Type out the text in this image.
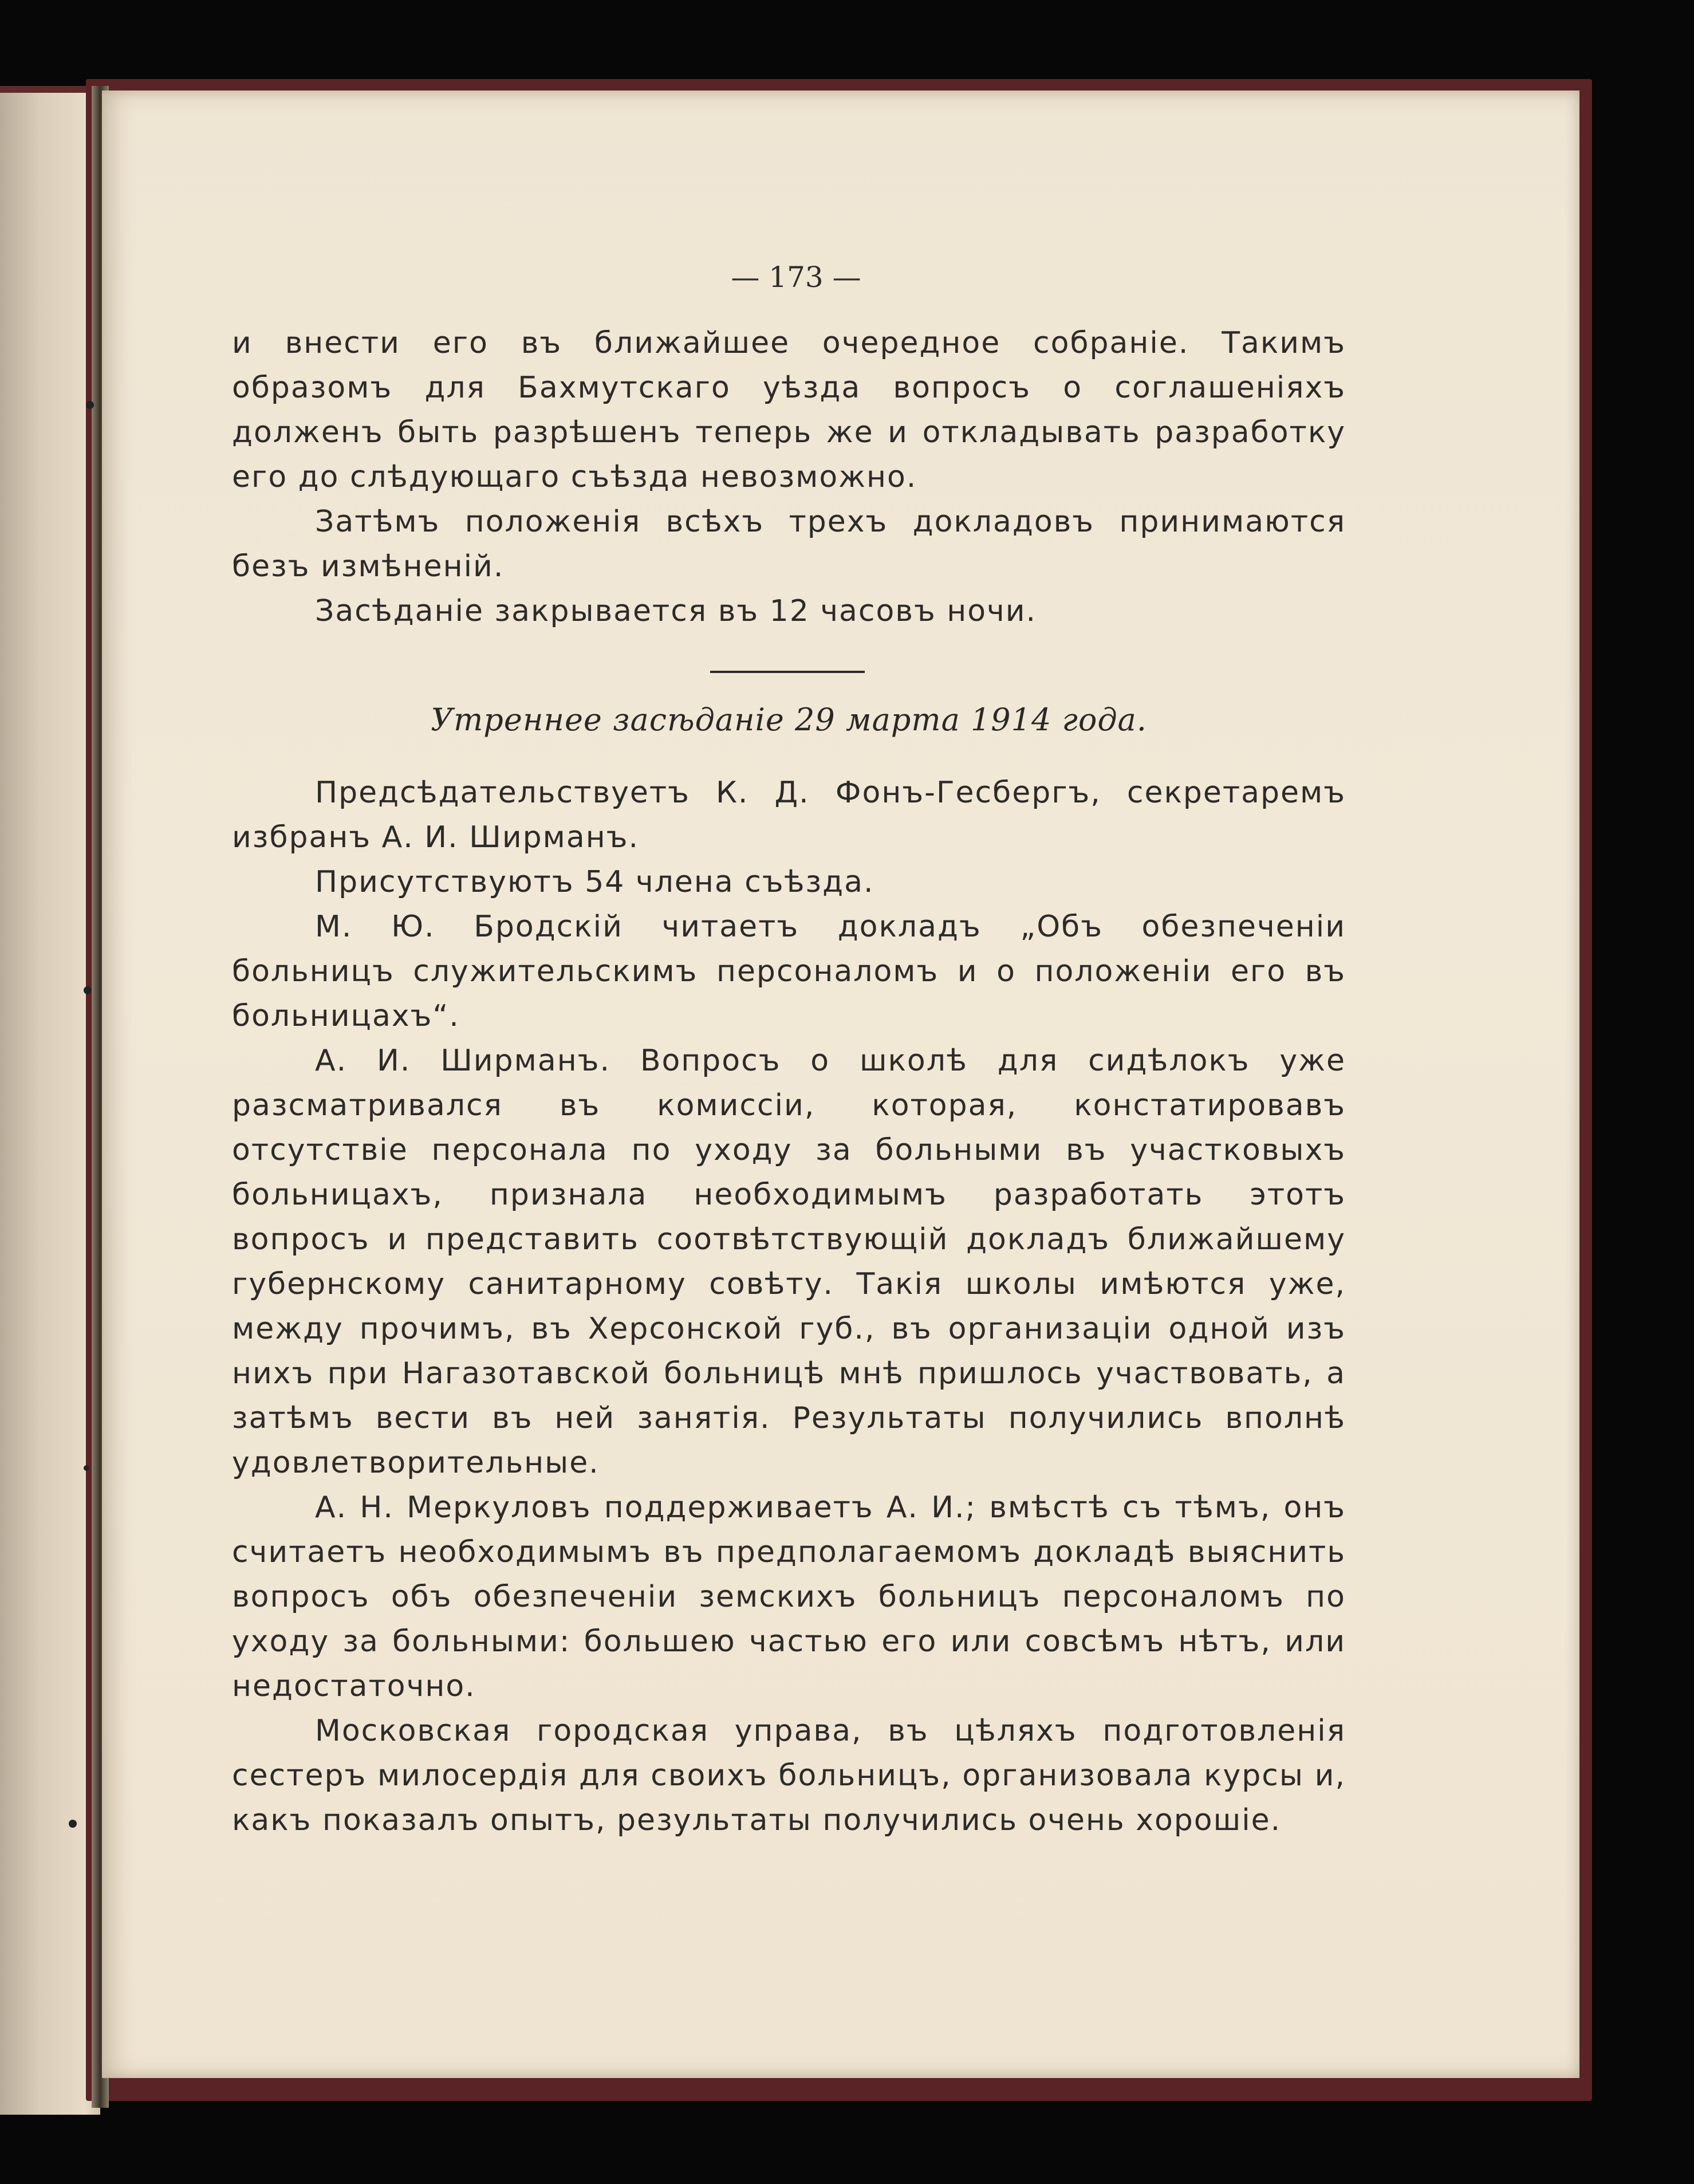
— 173 —

и внести его въ ближайшее очередное собраніе. Такимъ образомъ для Бахмутскаго уѣзда вопросъ о соглашеніяхъ долженъ быть разрѣшенъ теперь же и откладывать разработку его до слѣдующаго съѣзда невозможно.

Затѣмъ положенія всѣхъ трехъ докладовъ принимаются безъ измѣненій.

Засѣданіе закрывается въ 12 часовъ ночи.

Утреннее засѣданіе 29 марта 1914 года.

Предсѣдательствуетъ К. Д. Фонъ-Гесбергъ, секретаремъ избранъ А. И. Ширманъ.

Присутствуютъ 54 члена съѣзда.

М. Ю. Бродскій читаетъ докладъ „Объ обезпеченіи больницъ служительскимъ персоналомъ и о положеніи его въ больницахъ“.

А. И. Ширманъ. Вопросъ о школѣ для сидѣлокъ уже разсматривался въ комиссіи, которая, констатировавъ отсутствіе персонала по уходу за больными въ участковыхъ больницахъ, признала необходимымъ разработать этотъ вопросъ и представить соотвѣтствующій докладъ ближайшему губернскому санитарному совѣту. Такія школы имѣются уже, между прочимъ, въ Херсонской губ., въ организаціи одной изъ нихъ при Нагазотавской больницѣ мнѣ пришлось участвовать, а затѣмъ вести въ ней занятія. Результаты получились вполнѣ удовлетворительные.

А. Н. Меркуловъ поддерживаетъ А. И.; вмѣстѣ съ тѣмъ, онъ считаетъ необходимымъ въ предполагаемомъ докладѣ выяснить вопросъ объ обезпеченіи земскихъ больницъ персоналомъ по уходу за больными: большею частью его или совсѣмъ нѣтъ, или недостаточно.

Московская городская управа, въ цѣляхъ подготовленія сестеръ милосердія для своихъ больницъ, организовала курсы и, какъ показалъ опытъ, результаты получились очень хорошіе.
